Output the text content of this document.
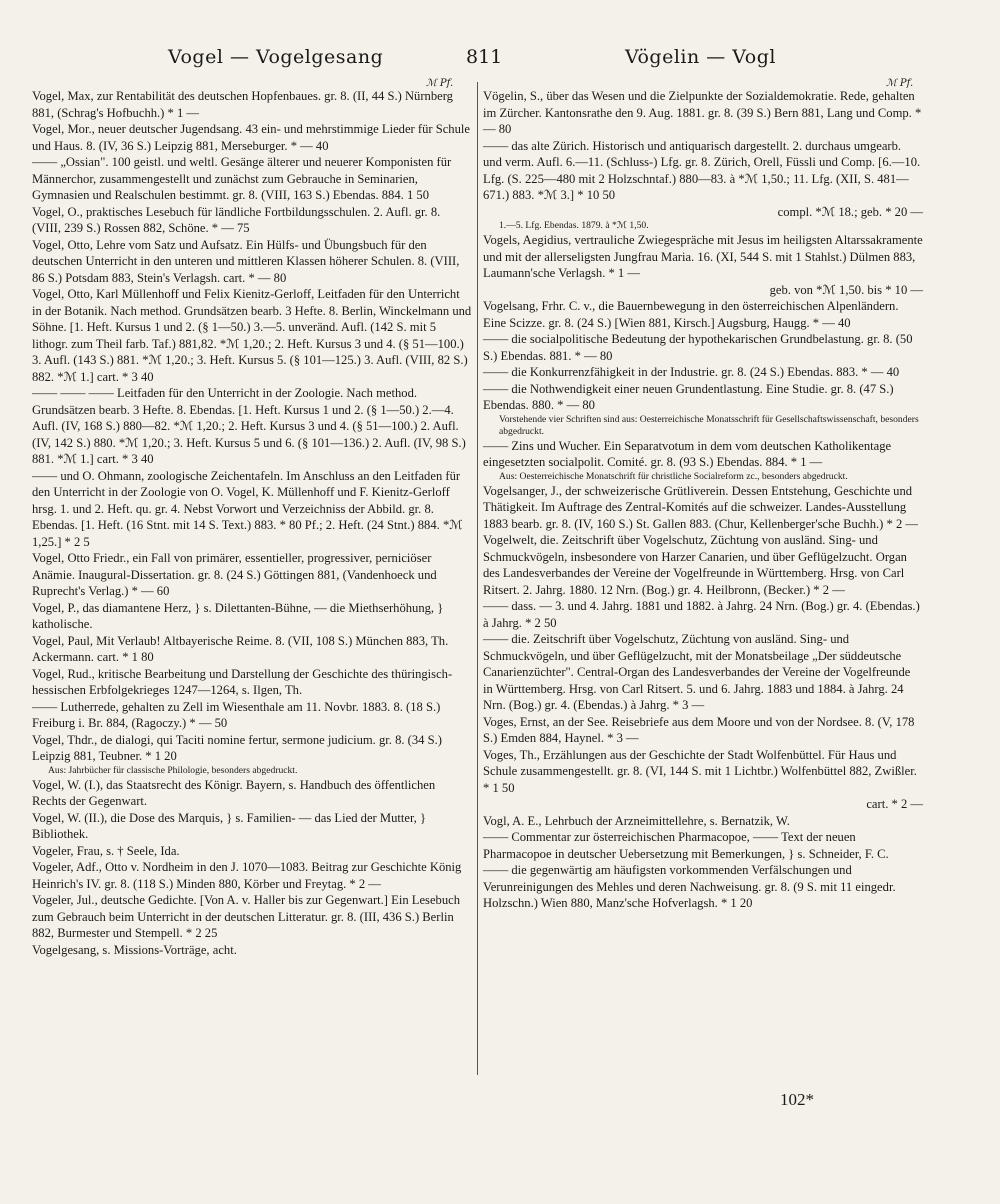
Vogel — Vogelgesang	811	Vögelin — Vogl
ℳ Pf.	ℳ Pf.

Vogel, Max, zur Rentabilität des deutschen Hopfenbaues. gr. 8. (II, 44 S.) Nürnberg 881, (Schrag's Hofbuchh.) * 1 —

Vogel, Mor., neuer deutscher Jugendsang. 43 ein- und mehrstimmige Lieder für Schule und Haus. 8. (IV, 36 S.) Leipzig 881, Merseburger. * — 40

—— „Ossian". 100 geistl. und weltl. Gesänge älterer und neuerer Komponisten für Männerchor, zusammengestellt und zunächst zum Gebrauche in Seminarien, Gymnasien und Realschulen bestimmt. gr. 8. (VIII, 163 S.) Ebendas. 884. 1 50

Vogel, O., praktisches Lesebuch für ländliche Fortbildungsschulen. 2. Aufl. gr. 8. (VIII, 239 S.) Rossen 882, Schöne. * — 75

Vogel, Otto, Lehre vom Satz und Aufsatz. Ein Hülfs- und Übungsbuch für den deutschen Unterricht in den unteren und mittleren Klassen höherer Schulen. 8. (VIII, 86 S.) Potsdam 883, Stein's Verlagsh. cart. * — 80

Vogel, Otto, Karl Müllenhoff und Felix Kienitz-Gerloff, Leitfaden für den Unterricht in der Botanik. Nach method. Grundsätzen bearb. 3 Hefte. 8. Berlin, Winckelmann und Söhne. [1. Heft. Kursus 1 und 2. (§ 1—50.) 3.—5. unveränd. Aufl. (142 S. mit 5 lithogr. zum Theil farb. Taf.) 881,82. *ℳ 1,20.; 2. Heft. Kursus 3 und 4. (§ 51—100.) 3. Aufl. (143 S.) 881. *ℳ 1,20.; 3. Heft. Kursus 5. (§ 101—125.) 3. Aufl. (VIII, 82 S.) 882. *ℳ 1.] cart. * 3 40

—— —— —— Leitfaden für den Unterricht in der Zoologie. Nach method. Grundsätzen bearb. 3 Hefte. 8. Ebendas. [1. Heft. Kursus 1 und 2. (§ 1—50.) 2.—4. Aufl. (IV, 168 S.) 880—82. *ℳ 1,20.; 2. Heft. Kursus 3 und 4. (§ 51—100.) 2. Aufl. (IV, 142 S.) 880. *ℳ 1,20.; 3. Heft. Kursus 5 und 6. (§ 101—136.) 2. Aufl. (IV, 98 S.) 881. *ℳ 1.] cart. * 3 40

—— und O. Ohmann, zoologische Zeichentafeln. Im Anschluss an den Leitfaden für den Unterricht in der Zoologie von O. Vogel, K. Müllenhoff und F. Kienitz-Gerloff hrsg. 1. und 2. Heft. qu. gr. 4. Nebst Vorwort und Verzeichniss der Abbild. gr. 8. Ebendas. [1. Heft. (16 Stnt. mit 14 S. Text.) 883. * 80 Pf.; 2. Heft. (24 Stnt.) 884. *ℳ 1,25.] * 2 5

Vogel, Otto Friedr., ein Fall von primärer, essentieller, progressiver, perniciöser Anämie. Inaugural-Dissertation. gr. 8. (24 S.) Göttingen 881, (Vandenhoeck und Ruprecht's Verlag.) * — 60

Vogel, P., das diamantene Herz, } s. Dilettanten-Bühne, — die Miethserhöhung, } katholische.

Vogel, Paul, Mit Verlaub! Altbayerische Reime. 8. (VII, 108 S.) München 883, Th. Ackermann. cart. * 1 80

Vogel, Rud., kritische Bearbeitung und Darstellung der Geschichte des thüringisch-hessischen Erbfolgekrieges 1247—1264, s. Ilgen, Th.

—— Lutherrede, gehalten zu Zell im Wiesenthale am 11. Novbr. 1883. 8. (18 S.) Freiburg i. Br. 884, (Ragoczy.) * — 50

Vogel, Thdr., de dialogi, qui Taciti nomine fertur, sermone judicium. gr. 8. (34 S.) Leipzig 881, Teubner. * 1 20

Aus: Jahrbücher für classische Philologie, besonders abgedruckt.

Vogel, W. (I.), das Staatsrecht des Königr. Bayern, s. Handbuch des öffentlichen Rechts der Gegenwart.

Vogel, W. (II.), die Dose des Marquis, } s. Familien- — das Lied der Mutter, } Bibliothek.

Vogeler, Frau, s. † Seele, Ida.

Vogeler, Adf., Otto v. Nordheim in den J. 1070—1083. Beitrag zur Geschichte König Heinrich's IV. gr. 8. (118 S.) Minden 880, Körber und Freytag. * 2 —

Vogeler, Jul., deutsche Gedichte. [Von A. v. Haller bis zur Gegenwart.] Ein Lesebuch zum Gebrauch beim Unterricht in der deutschen Litteratur. gr. 8. (III, 436 S.) Berlin 882, Burmester und Stempell. * 2 25

Vogelgesang, s. Missions-Vorträge, acht.

Vögelin, S., über das Wesen und die Zielpunkte der Sozialdemokratie. Rede, gehalten im Zürcher. Kantonsrathe den 9. Aug. 1881. gr. 8. (39 S.) Bern 881, Lang und Comp. * — 80

—— das alte Zürich. Historisch und antiquarisch dargestellt. 2. durchaus umgearb. und verm. Aufl. 6.—11. (Schluss-) Lfg. gr. 8. Zürich, Orell, Füssli und Comp. [6.—10. Lfg. (S. 225—480 mit 2 Holzschntaf.) 880—83. à *ℳ 1,50.; 11. Lfg. (XII, S. 481—671.) 883. *ℳ 3.] * 10 50

compl. *ℳ 18.; geb. * 20 —

1.—5. Lfg. Ebendas. 1879. à *ℳ 1,50.

Vogels, Aegidius, vertrauliche Zwiegespräche mit Jesus im heiligsten Altarssakramente und mit der allerseligsten Jungfrau Maria. 16. (XI, 544 S. mit 1 Stahlst.) Dülmen 883, Laumann'sche Verlagsh. * 1 —

geb. von *ℳ 1,50. bis * 10 —

Vogelsang, Frhr. C. v., die Bauernbewegung in den österreichischen Alpenländern. Eine Scizze. gr. 8. (24 S.) [Wien 881, Kirsch.] Augsburg, Haugg. * — 40

—— die socialpolitische Bedeutung der hypothekarischen Grundbelastung. gr. 8. (50 S.) Ebendas. 881. * — 80

—— die Konkurrenzfähigkeit in der Industrie. gr. 8. (24 S.) Ebendas. 883. * — 40

—— die Nothwendigkeit einer neuen Grundentlastung. Eine Studie. gr. 8. (47 S.) Ebendas. 880. * — 80

Vorstehende vier Schriften sind aus: Oesterreichische Monatsschrift für Gesellschaftswissenschaft, besonders abgedruckt.

—— Zins und Wucher. Ein Separatvotum in dem vom deutschen Katholikentage eingesetzten socialpolit. Comité. gr. 8. (93 S.) Ebendas. 884. * 1 —

Aus: Oesterreichische Monatschrift für christliche Socialreform zc., besonders abgedruckt.

Vogelsanger, J., der schweizerische Grütliverein. Dessen Entstehung, Geschichte und Thätigkeit. Im Auftrage des Zentral-Komités auf die schweizer. Landes-Ausstellung 1883 bearb. gr. 8. (IV, 160 S.) St. Gallen 883. (Chur, Kellenberger'sche Buchh.) * 2 —

Vogelwelt, die. Zeitschrift über Vogelschutz, Züchtung von ausländ. Sing- und Schmuckvögeln, insbesondere von Harzer Canarien, und über Geflügelzucht. Organ des Landesverbandes der Vereine der Vogelfreunde in Württemberg. Hrsg. von Carl Ritsert. 2. Jahrg. 1880. 12 Nrn. (Bog.) gr. 4. Heilbronn, (Becker.) * 2 —

—— dass. — 3. und 4. Jahrg. 1881 und 1882. à Jahrg. 24 Nrn. (Bog.) gr. 4. (Ebendas.) à Jahrg. * 2 50

—— die. Zeitschrift über Vogelschutz, Züchtung von ausländ. Sing- und Schmuckvögeln, und über Geflügelzucht, mit der Monatsbeilage „Der süddeutsche Canarienzüchter". Central-Organ des Landesverbandes der Vereine der Vogelfreunde in Württemberg. Hrsg. von Carl Ritsert. 5. und 6. Jahrg. 1883 und 1884. à Jahrg. 24 Nrn. (Bog.) gr. 4. (Ebendas.) à Jahrg. * 3 —

Voges, Ernst, an der See. Reisebriefe aus dem Moore und von der Nordsee. 8. (V, 178 S.) Emden 884, Haynel. * 3 —

Voges, Th., Erzählungen aus der Geschichte der Stadt Wolfenbüttel. Für Haus und Schule zusammengestellt. gr. 8. (VI, 144 S. mit 1 Lichtbr.) Wolfenbüttel 882, Zwißler. * 1 50

cart. * 2 —

Vogl, A. E., Lehrbuch der Arzneimittellehre, s. Bernatzik, W.

—— Commentar zur österreichischen Pharmacopoe, —— Text der neuen Pharmacopoe in deutscher Uebersetzung mit Bemerkungen, } s. Schneider, F. C.

—— die gegenwärtig am häufigsten vorkommenden Verfälschungen und Verunreinigungen des Mehles und deren Nachweisung. gr. 8. (9 S. mit 11 eingedr. Holzschn.) Wien 880, Manz'sche Hofverlagsh. * 1 20

102*
